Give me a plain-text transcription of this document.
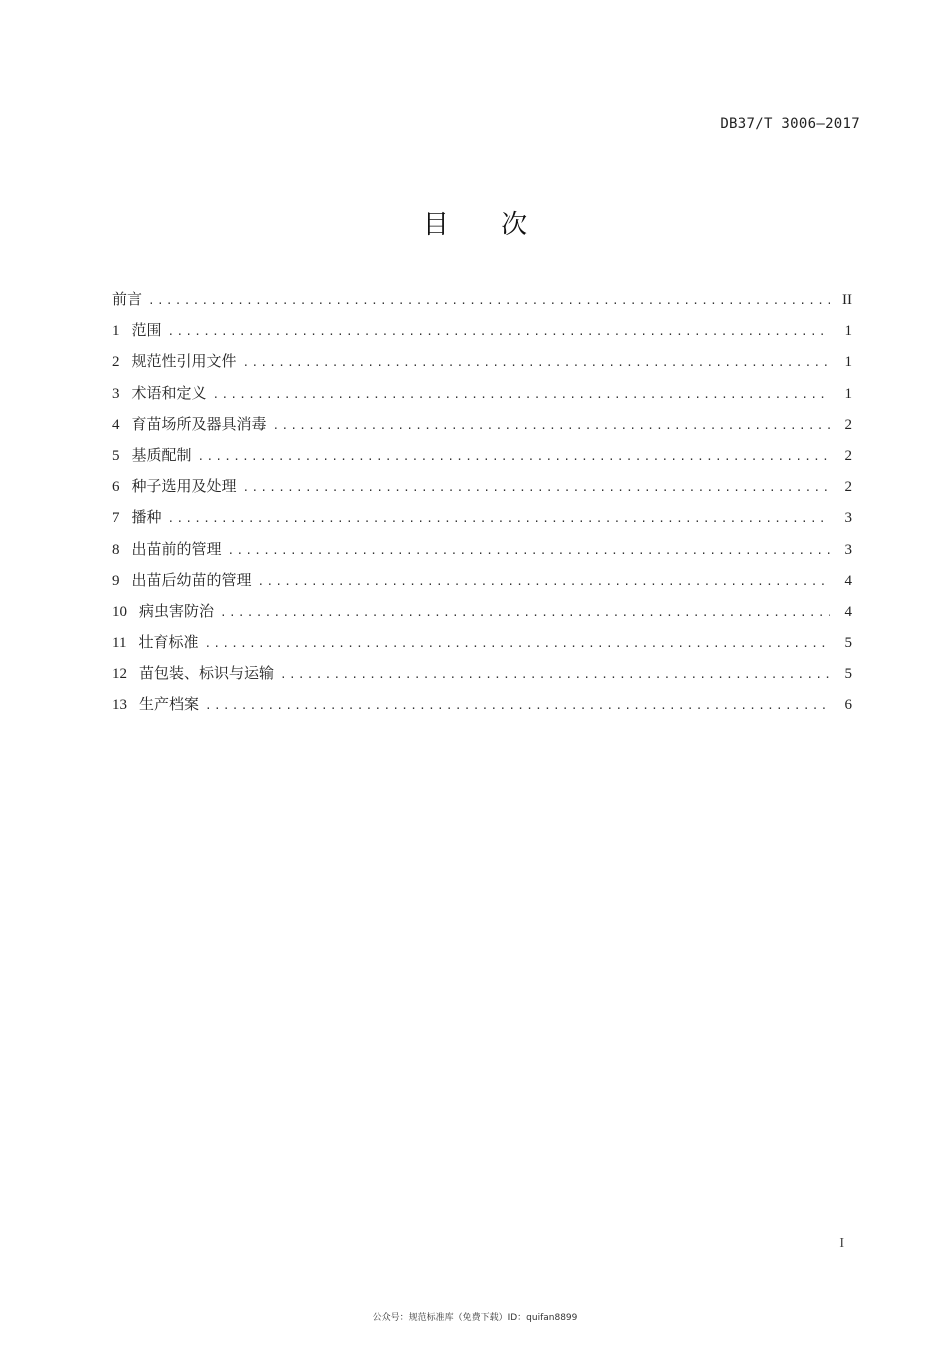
DB37/T 3006—2017
目 次
前言 .....	II
1 范围 .....	1
2 规范性引用文件 .....	1
3 术语和定义 .....	1
4 育苗场所及器具消毒 .....	2
5 基质配制 .....	2
6 种子选用及处理 .....	2
7 播种 .....	3
8 出苗前的管理 .....	3
9 出苗后幼苗的管理 .....	4
10 病虫害防治 .....	4
11 壮育标准 .....	5
12 苗包装、标识与运输 .....	5
13 生产档案 .....	6
I
公众号：规范标准库（免费下载）ID：quifan8899
